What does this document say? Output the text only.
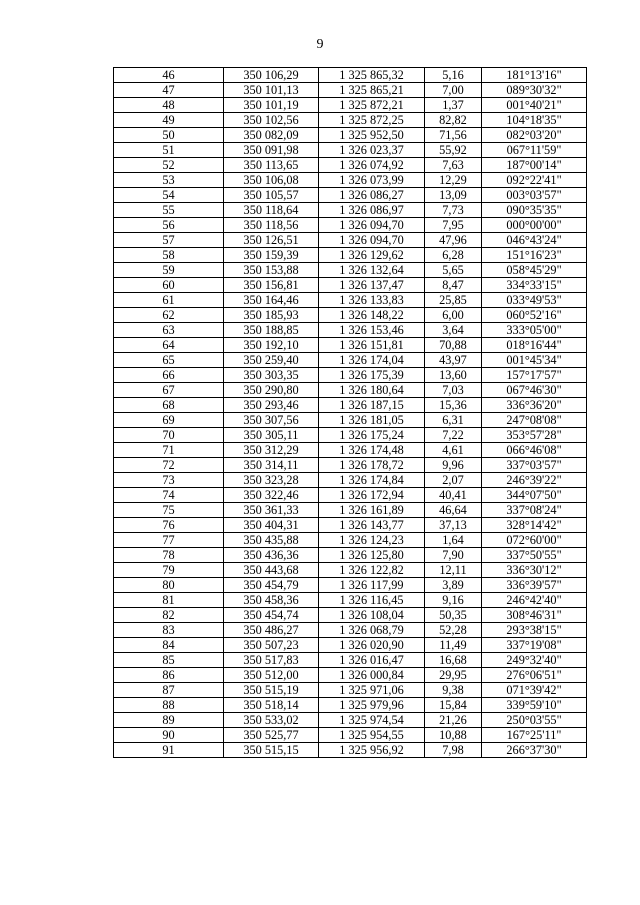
9
46	350 106,29	1 325 865,32	5,16	181°13'16"
47	350 101,13	1 325 865,21	7,00	089°30'32"
48	350 101,19	1 325 872,21	1,37	001°40'21"
49	350 102,56	1 325 872,25	82,82	104°18'35"
50	350 082,09	1 325 952,50	71,56	082°03'20"
51	350 091,98	1 326 023,37	55,92	067°11'59"
52	350 113,65	1 326 074,92	7,63	187°00'14"
53	350 106,08	1 326 073,99	12,29	092°22'41"
54	350 105,57	1 326 086,27	13,09	003°03'57"
55	350 118,64	1 326 086,97	7,73	090°35'35"
56	350 118,56	1 326 094,70	7,95	000°00'00"
57	350 126,51	1 326 094,70	47,96	046°43'24"
58	350 159,39	1 326 129,62	6,28	151°16'23"
59	350 153,88	1 326 132,64	5,65	058°45'29"
60	350 156,81	1 326 137,47	8,47	334°33'15"
61	350 164,46	1 326 133,83	25,85	033°49'53"
62	350 185,93	1 326 148,22	6,00	060°52'16"
63	350 188,85	1 326 153,46	3,64	333°05'00"
64	350 192,10	1 326 151,81	70,88	018°16'44"
65	350 259,40	1 326 174,04	43,97	001°45'34"
66	350 303,35	1 326 175,39	13,60	157°17'57"
67	350 290,80	1 326 180,64	7,03	067°46'30"
68	350 293,46	1 326 187,15	15,36	336°36'20"
69	350 307,56	1 326 181,05	6,31	247°08'08"
70	350 305,11	1 326 175,24	7,22	353°57'28"
71	350 312,29	1 326 174,48	4,61	066°46'08"
72	350 314,11	1 326 178,72	9,96	337°03'57"
73	350 323,28	1 326 174,84	2,07	246°39'22"
74	350 322,46	1 326 172,94	40,41	344°07'50"
75	350 361,33	1 326 161,89	46,64	337°08'24"
76	350 404,31	1 326 143,77	37,13	328°14'42"
77	350 435,88	1 326 124,23	1,64	072°60'00"
78	350 436,36	1 326 125,80	7,90	337°50'55"
79	350 443,68	1 326 122,82	12,11	336°30'12"
80	350 454,79	1 326 117,99	3,89	336°39'57"
81	350 458,36	1 326 116,45	9,16	246°42'40"
82	350 454,74	1 326 108,04	50,35	308°46'31"
83	350 486,27	1 326 068,79	52,28	293°38'15"
84	350 507,23	1 326 020,90	11,49	337°19'08"
85	350 517,83	1 326 016,47	16,68	249°32'40"
86	350 512,00	1 326 000,84	29,95	276°06'51"
87	350 515,19	1 325 971,06	9,38	071°39'42"
88	350 518,14	1 325 979,96	15,84	339°59'10"
89	350 533,02	1 325 974,54	21,26	250°03'55"
90	350 525,77	1 325 954,55	10,88	167°25'11"
91	350 515,15	1 325 956,92	7,98	266°37'30"
